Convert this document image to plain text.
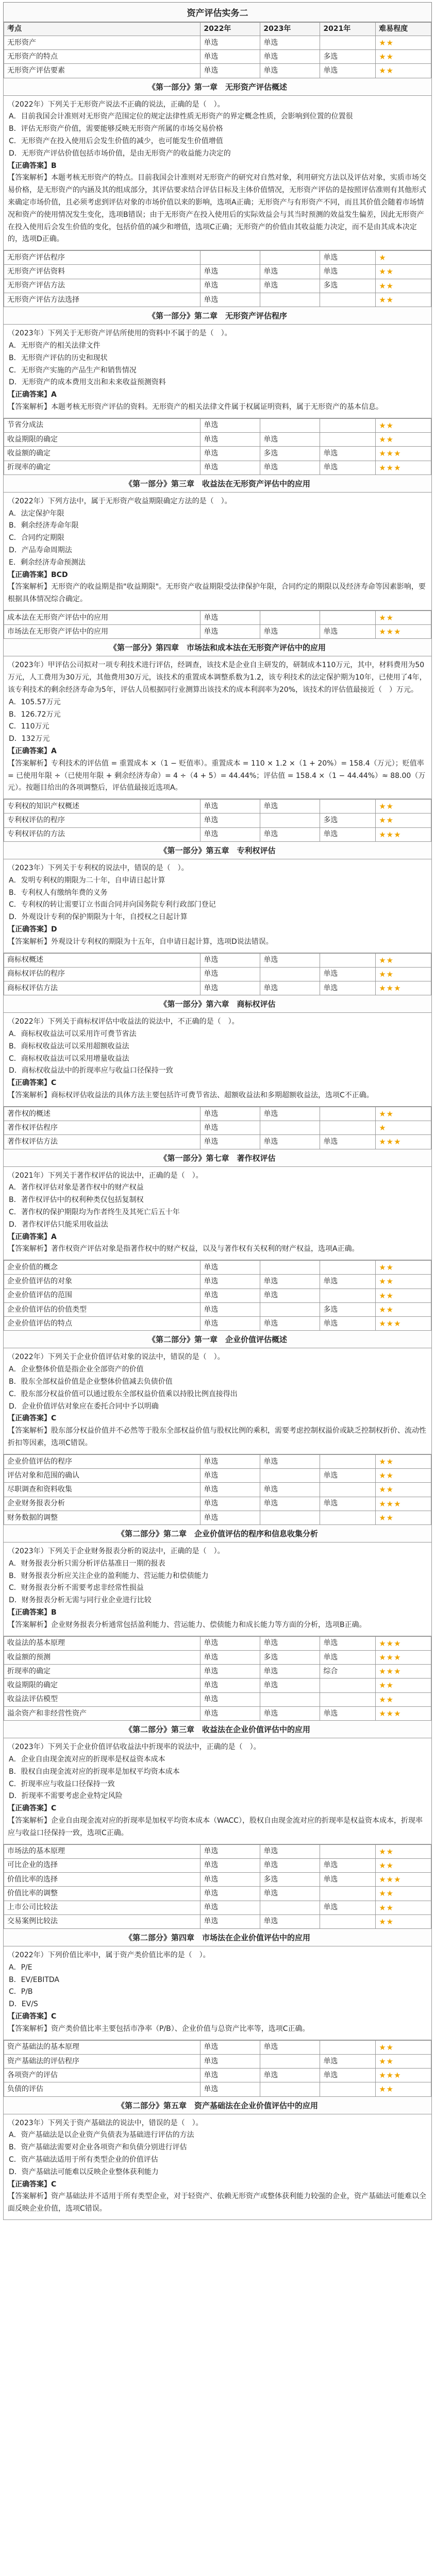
资产评估实务二
考点	2022年	2023年	2021年	难易程度
无形资产	单选	单选		★★
无形资产的特点	单选	单选	多选	★★
无形资产评估要素	单选	单选	单选	★★
《第一部分》第一章　无形资产评估概述

（2022年）下列关于无形资产说法不正确的说法，正确的是（　）。

A．目前我国会计准则对无形资产范围定位的规定法律性质无形资产的界定概念性质，会影响到位置的位置很

B．评估无形资产价值，需要能够反映无形资产所属的市场交易价格

C．无形资产在投入使用后会发生价值的减少，也可能发生价值增值

D．无形资产评估价值包括市场价值，是由无形资产的收益能力决定的

【正确答案】B

【答案解析】本题考核无形资产的特点。目前我国会计准则对无形资产的研究对自然对象，利用研究方法以及评估对象，实质市场交易价格，是无形资产的内涵及其的组成部分，其评估要求结合评估目标及主体价值情况，无形资产评估的是按照评估准则有其他形式来确定市场价值，且必须考虑到评估对象的市场价值以来的影响，选项A正确；无形资产与有形资产不同，而且其价值会随着市场情况和资产的使用情况发生变化，选项B错误；由于无形资产在投入使用后的实际效益会与其当时预测的效益发生偏差，因此无形资产在投入使用后会发生价值的变化，包括价值的减少和增值，选项C正确；无形资产的价值由其收益能力决定，而不是由其成本决定的，选项D正确。

无形资产评估程序			单选	★
无形资产评估资料	单选	单选	单选	★★
无形资产评估方法	单选	单选	多选	★★
无形资产评估方法选择	单选			★★
《第一部分》第二章　无形资产评估程序

（2023年）下列关于无形资产评估所使用的资料中不属于的是（　）。

A．无形资产的相关法律文件

B．无形资产评估的历史和现状

C．无形资产实施的产品生产和销售情况

D．无形资产的成本费用支出和未来收益预测资料

【正确答案】A

【答案解析】本题考核无形资产评估的资料。无形资产的相关法律文件属于权属证明资料，属于无形资产的基本信息。

节省分成法	单选			★★
收益期限的确定	单选	单选		★★
收益额的确定	单选	多选	单选	★★★
折现率的确定	单选	单选	单选	★★★
《第一部分》第三章　收益法在无形资产评估中的应用

（2022年）下列方法中，属于无形资产收益期限确定方法的是（　）。

A．法定保护年限

B．剩余经济寿命年限

C．合同约定期限

D．产品寿命周期法

E．剩余经济寿命预测法

【正确答案】BCD

【答案解析】无形资产的收益期是指"收益期限"。无形资产收益期限受法律保护年限，合同约定的期限以及经济寿命等因素影响，要根据具体情况综合确定。

成本法在无形资产评估中的应用	单选			★★
市场法在无形资产评估中的应用	单选	单选	单选	★★★
《第一部分》第四章　市场法和成本法在无形资产评估中的应用

（2023年）甲评估公司拟对一项专利技术进行评估，经调查，该技术是企业自主研发的，研制成本110万元，其中，材料费用为50万元，人工费用为30万元，其他费用30万元，该技术的重置成本调整系数为1.2，该专利技术的法定保护期为10年，已使用了4年，该专利技术的剩余经济寿命为5年，评估人员根据同行业测算出该技术的成本利润率为20%，该技术的评估值最接近（　）万元。

A．105.57万元

B．126.72万元

C．110万元

D．132万元

【正确答案】A

【答案解析】专利技术的评估值 = 重置成本 ×（1 − 贬值率）。重置成本 = 110 × 1.2 ×（1 + 20%）= 158.4（万元）；贬值率 = 已使用年限 ÷（已使用年限 + 剩余经济寿命）= 4 ÷（4 + 5）= 44.44%；评估值 = 158.4 ×（1 − 44.44%）≈ 88.00（万元）。按题目给出的各项调整后，评估值最接近选项A。

专利权的知识产权概述	单选	单选		★★
专利权评估的程序	单选		多选	★★
专利权评估的方法	单选	单选	单选	★★★
《第一部分》第五章　专利权评估

（2023年）下列关于专利权的说法中，错误的是（　）。

A．发明专利权的期限为二十年，自申请日起计算

B．专利权人有缴纳年费的义务

C．专利权的转让需要订立书面合同并向国务院专利行政部门登记

D．外观设计专利的保护期限为十年，自授权之日起计算

【正确答案】D

【答案解析】外观设计专利权的期限为十五年，自申请日起计算，选项D说法错误。

商标权概述	单选	单选		★★
商标权评估的程序	单选		单选	★★
商标权评估方法	单选	单选	单选	★★★
《第一部分》第六章　商标权评估

（2022年）下列关于商标权评估中收益法的说法中，不正确的是（　）。

A．商标权收益法可以采用许可费节省法

B．商标权收益法可以采用超额收益法

C．商标权收益法可以采用增量收益法

D．商标权收益法中的折现率应与收益口径保持一致

【正确答案】C

【答案解析】商标权评估收益法的具体方法主要包括许可费节省法、超额收益法和多期超额收益法，选项C不正确。

著作权的概述	单选	单选		★★
著作权评估程序	单选			★
著作权评估方法	单选	单选	单选	★★★
《第一部分》第七章　著作权评估

（2021年）下列关于著作权评估的说法中，正确的是（　）。

A．著作权评估对象是著作权中的财产权益

B．著作权评估中的权利种类仅包括复制权

C．著作权的保护期限均为作者终生及其死亡后五十年

D．著作权评估只能采用收益法

【正确答案】A

【答案解析】著作权资产评估对象是指著作权中的财产权益，以及与著作权有关权利的财产权益，选项A正确。

企业价值的概念	单选			★★
企业价值评估的对象	单选	单选	单选	★★
企业价值评估的范围	单选	单选		★★
企业价值评估的价值类型	单选		多选	★★
企业价值评估的特点	单选	单选	单选	★★★
《第二部分》第一章　企业价值评估概述

（2022年）下列关于企业价值评估对象的说法中，错误的是（　）。

A．企业整体价值是指企业全部资产的价值

B．股东全部权益价值是企业整体价值减去负债价值

C．股东部分权益价值可以通过股东全部权益价值乘以持股比例直接得出

D．企业价值评估对象应在委托合同中予以明确

【正确答案】C

【答案解析】股东部分权益价值并不必然等于股东全部权益价值与股权比例的乘积，需要考虑控制权溢价或缺乏控制权折价、流动性折扣等因素，选项C错误。

企业价值评估的程序	单选	单选		★★
评估对象和范围的确认	单选		单选	★★
尽职调查和资料收集	单选	单选		★★
企业财务报表分析	单选	单选	单选	★★★
财务数据的调整	单选			★★
《第二部分》第二章　企业价值评估的程序和信息收集分析

（2023年）下列关于企业财务报表分析的说法中，正确的是（　）。

A．财务报表分析只需分析评估基准日一期的报表

B．财务报表分析应关注企业的盈利能力、营运能力和偿债能力

C．财务报表分析不需要考虑非经常性损益

D．财务报表分析无需与同行业企业进行比较

【正确答案】B

【答案解析】企业财务报表分析通常包括盈利能力、营运能力、偿债能力和成长能力等方面的分析，选项B正确。

收益法的基本原理	单选	单选	单选	★★★
收益额的预测	单选	多选	单选	★★★
折现率的确定	单选	单选	综合	★★★
收益期限的确定	单选	单选		★★
收益法评估模型	单选			★★
溢余资产和非经营性资产	单选	单选	单选	★★★
《第二部分》第三章　收益法在企业价值评估中的应用

（2023年）下列关于企业价值评估收益法中折现率的说法中，正确的是（　）。

A．企业自由现金流对应的折现率是权益资本成本

B．股权自由现金流对应的折现率是加权平均资本成本

C．折现率应与收益口径保持一致

D．折现率不需要考虑企业特定风险

【正确答案】C

【答案解析】企业自由现金流对应的折现率是加权平均资本成本（WACC），股权自由现金流对应的折现率是权益资本成本，折现率应与收益口径保持一致，选项C正确。

市场法的基本原理	单选	单选		★★
可比企业的选择	单选	单选	单选	★★
价值比率的选择	单选	多选	单选	★★★
价值比率的调整	单选	单选		★★
上市公司比较法	单选		单选	★★
交易案例比较法	单选	单选		★★
《第二部分》第四章　市场法在企业价值评估中的应用

（2022年）下列价值比率中，属于资产类价值比率的是（　）。

A．P/E

B．EV/EBITDA

C．P/B

D．EV/S

【正确答案】C

【答案解析】资产类价值比率主要包括市净率（P/B）、企业价值与总资产比率等，选项C正确。

资产基础法的基本原理	单选	单选		★★
资产基础法的评估程序	单选		单选	★★
各项资产的评估	单选	单选	单选	★★★
负债的评估	单选			★★
《第二部分》第五章　资产基础法在企业价值评估中的应用

（2023年）下列关于资产基础法的说法中，错误的是（　）。

A．资产基础法是以企业资产负债表为基础进行评估的方法

B．资产基础法需要对企业各项资产和负债分别进行评估

C．资产基础法适用于所有类型企业的价值评估

D．资产基础法可能难以反映企业整体获利能力

【正确答案】C

【答案解析】资产基础法并不适用于所有类型企业，对于轻资产、依赖无形资产或整体获利能力较强的企业，资产基础法可能难以全面反映企业价值，选项C错误。
